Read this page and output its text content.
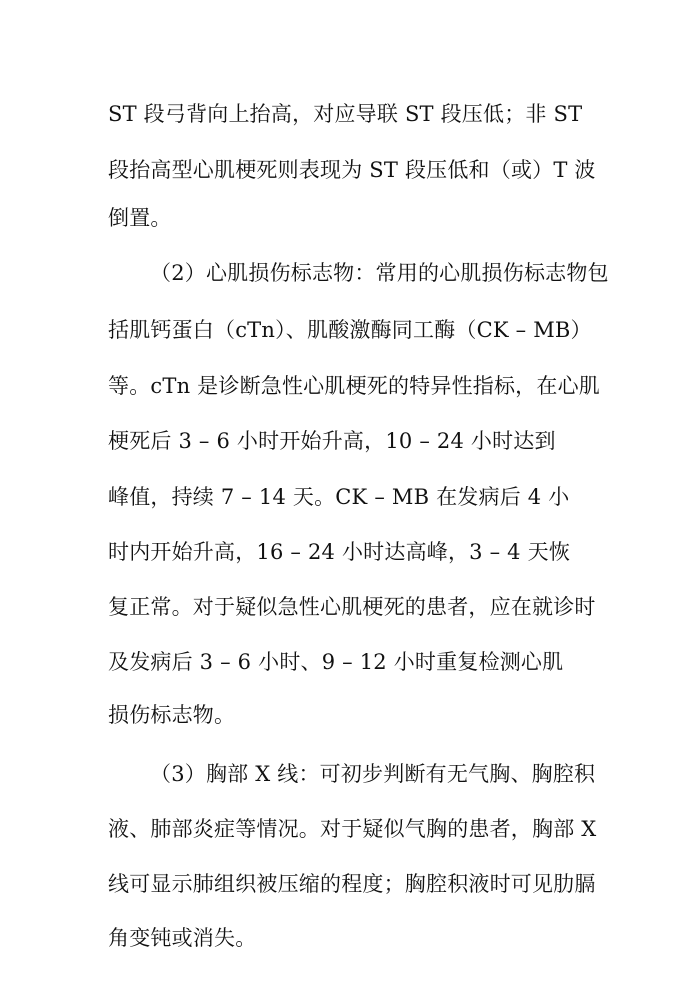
ST 段弓背向上抬高，对应导联 ST 段压低；非 ST
段抬高型心肌梗死则表现为 ST 段压低和（或）T 波
倒置。
（2）心肌损伤标志物：常用的心肌损伤标志物包
括肌钙蛋白（cTn）、肌酸激酶同工酶（CK – MB）
等。cTn 是诊断急性心肌梗死的特异性指标，在心肌
梗死后 3 – 6 小时开始升高，10 – 24 小时达到
峰值，持续 7 – 14 天。CK – MB 在发病后 4 小
时内开始升高，16 – 24 小时达高峰，3 – 4 天恢
复正常。对于疑似急性心肌梗死的患者，应在就诊时
及发病后 3 – 6 小时、9 – 12 小时重复检测心肌
损伤标志物。
（3）胸部 X 线：可初步判断有无气胸、胸腔积
液、肺部炎症等情况。对于疑似气胸的患者，胸部 X
线可显示肺组织被压缩的程度；胸腔积液时可见肋膈
角变钝或消失。
